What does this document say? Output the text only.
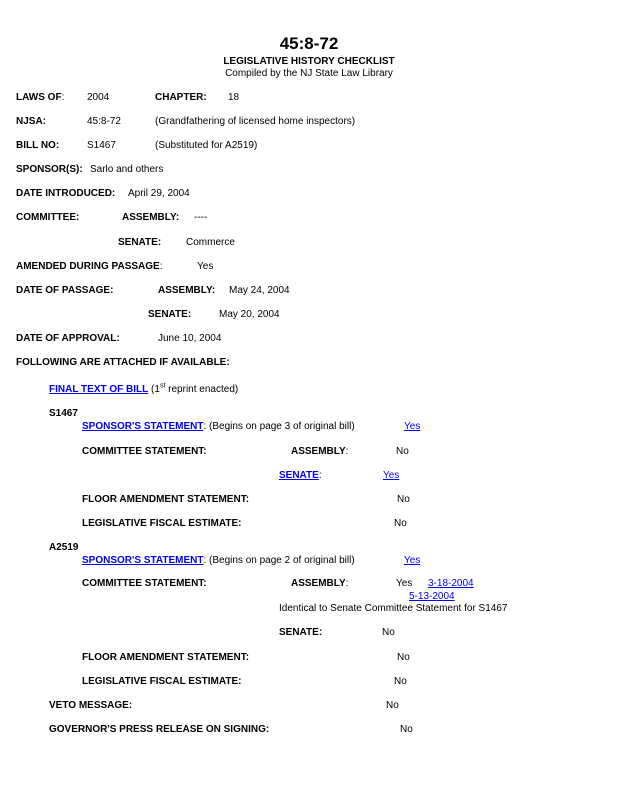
45:8-72
LEGISLATIVE HISTORY CHECKLIST
Compiled by the NJ State Law Library
LAWS OF: 2004	CHAPTER: 18
NJSA:	45:8-72	(Grandfathering of licensed home inspectors)
BILL NO:	S1467	(Substituted for A2519)
SPONSOR(S): Sarlo and others
DATE INTRODUCED: April 29, 2004
COMMITTEE:	ASSEMBLY: ----
SENATE: Commerce
AMENDED DURING PASSAGE:	Yes
DATE OF PASSAGE:	ASSEMBLY: May 24, 2004
SENATE:	May 20, 2004
DATE OF APPROVAL:	June 10, 2004
FOLLOWING ARE ATTACHED IF AVAILABLE:
FINAL TEXT OF BILL (1st reprint enacted)
S1467
SPONSOR'S STATEMENT: (Begins on page 3 of original bill)	Yes
COMMITTEE STATEMENT:	ASSEMBLY:	No
SENATE:	Yes
FLOOR AMENDMENT STATEMENT:	No
LEGISLATIVE FISCAL ESTIMATE:	No
A2519
SPONSOR'S STATEMENT: (Begins on page 2 of original bill)	Yes
COMMITTEE STATEMENT:	ASSEMBLY:	Yes 3-18-2004
5-13-2004
Identical to Senate Committee Statement for S1467
SENATE:	No
FLOOR AMENDMENT STATEMENT:	No
LEGISLATIVE FISCAL ESTIMATE:	No
VETO MESSAGE:	No
GOVERNOR'S PRESS RELEASE ON SIGNING:	No
